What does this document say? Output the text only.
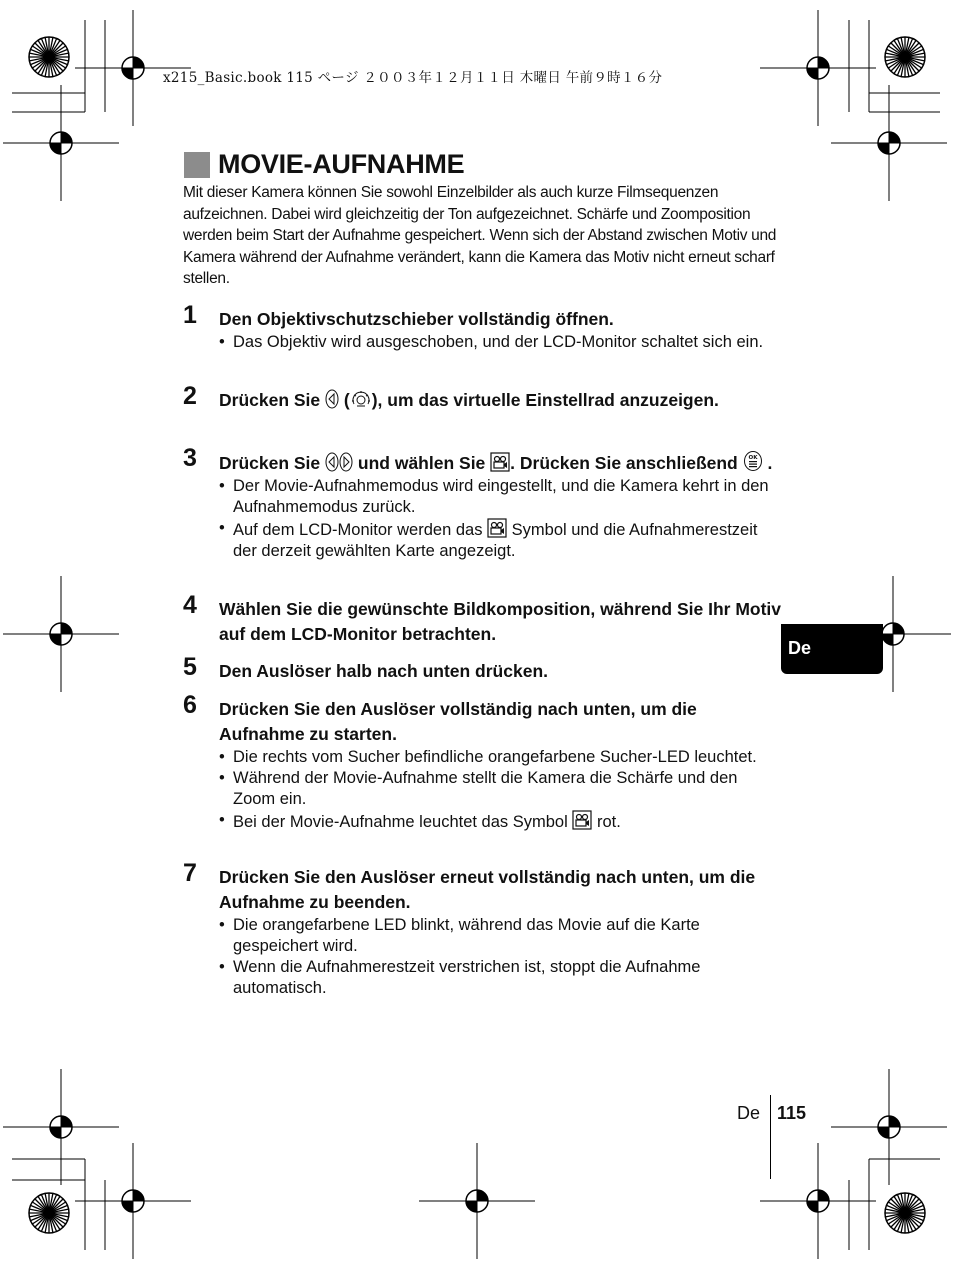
x215_Basic.book 115 ページ ２００３年１２月１１日 木曜日 午前９時１６分
MOVIE-AUFNAHME
Mit dieser Kamera können Sie sowohl Einzelbilder als auch kurze Filmsequenzen aufzeichnen. Dabei wird gleichzeitig der Ton aufgezeichnet. Schärfe und Zoomposition werden beim Start der Aufnahme gespeichert. Wenn sich der Abstand zwischen Motiv und Kamera während der Aufnahme verändert, kann die Kamera das Motiv nicht erneut scharf stellen.
1 Den Objektivschutzschieber vollständig öffnen.
• Das Objektiv wird ausgeschoben, und der LCD-Monitor schaltet sich ein.
2 Drücken Sie ( ), um das virtuelle Einstellrad anzuzeigen.
3 Drücken Sie und wählen Sie . Drücken Sie anschließend OK .
• Der Movie-Aufnahmemodus wird eingestellt, und die Kamera kehrt in den Aufnahmemodus zurück.
• Auf dem LCD-Monitor werden das Symbol und die Aufnahmerestzeit der derzeit gewählten Karte angezeigt.
4 Wählen Sie die gewünschte Bildkomposition, während Sie Ihr Motiv auf dem LCD-Monitor betrachten.
5 Den Auslöser halb nach unten drücken.
6 Drücken Sie den Auslöser vollständig nach unten, um die Aufnahme zu starten.
• Die rechts vom Sucher befindliche orangefarbene Sucher-LED leuchtet.
• Während der Movie-Aufnahme stellt die Kamera die Schärfe und den Zoom ein.
• Bei der Movie-Aufnahme leuchtet das Symbol rot.
7 Drücken Sie den Auslöser erneut vollständig nach unten, um die Aufnahme zu beenden.
• Die orangefarbene LED blinkt, während das Movie auf die Karte gespeichert wird.
• Wenn die Aufnahmerestzeit verstrichen ist, stoppt die Aufnahme automatisch.
De
De 115
